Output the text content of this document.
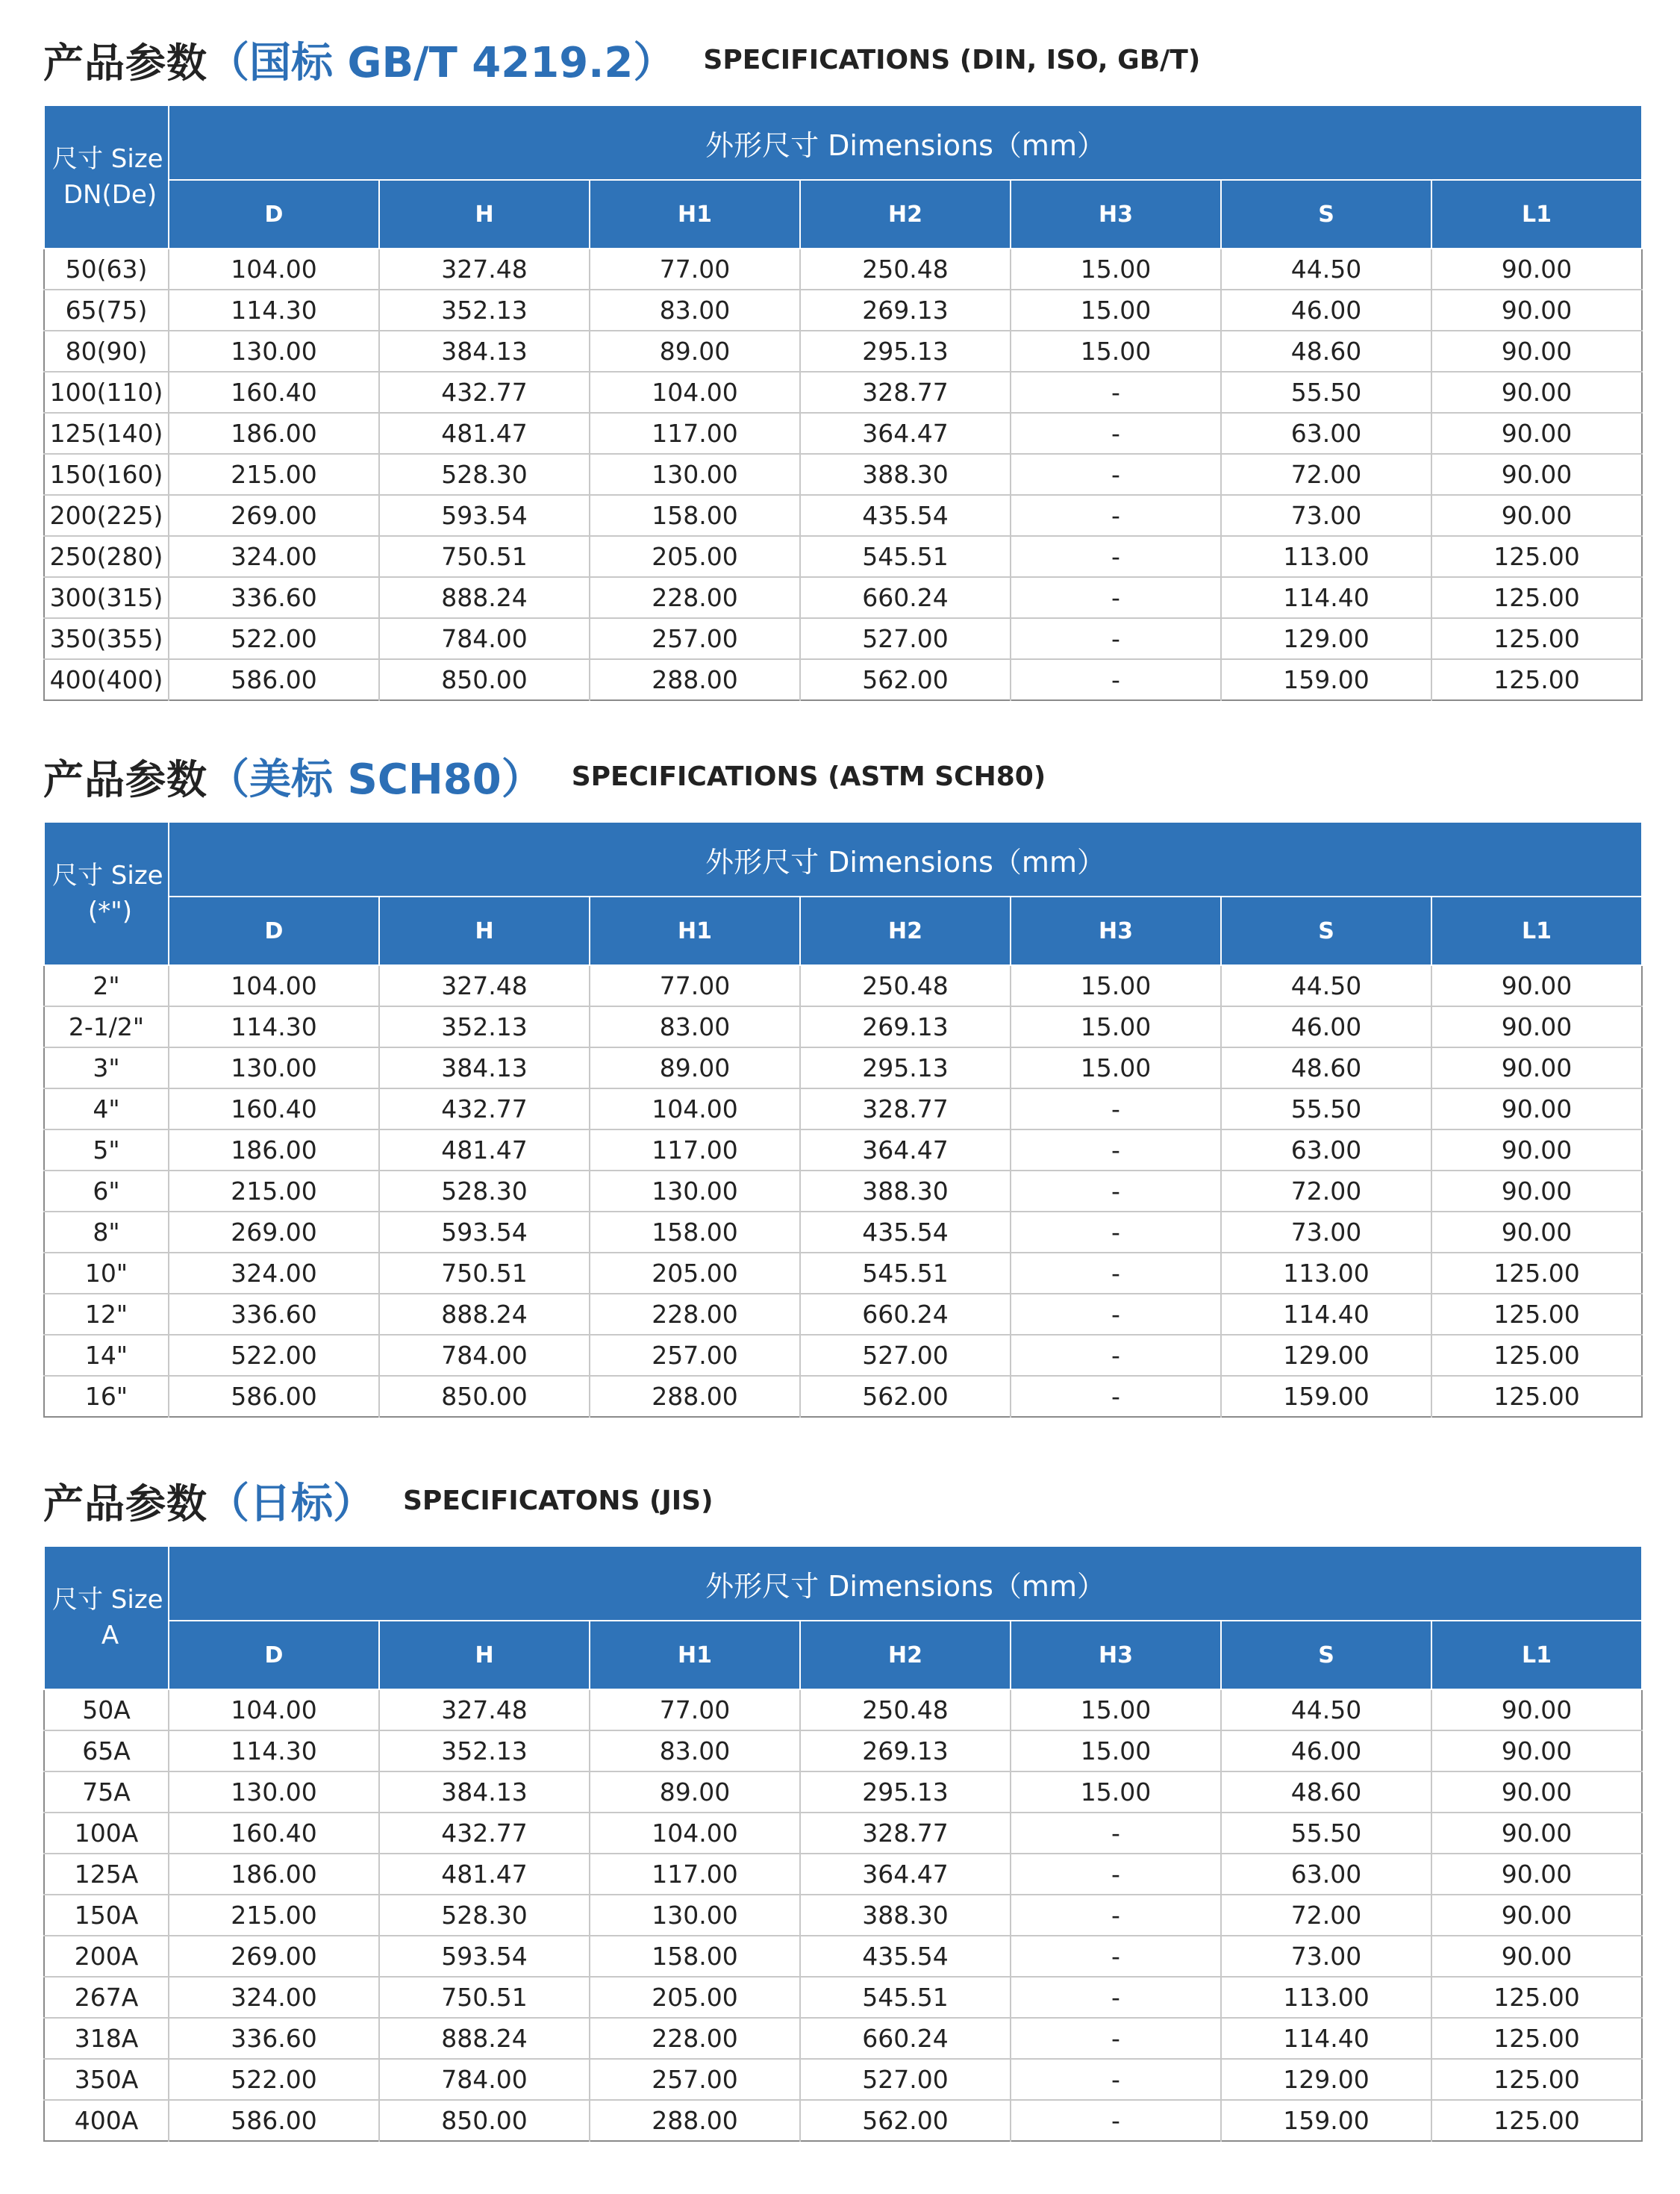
产品参数 （国标 GB/T 4219.2） SPECIFICATIONS (DIN, ISO, GB/T)
尺寸 Size
DN(De)	外形尺寸 Dimensions（mm）						
	D	H	H1	H2	H3	S	L1
50(63)	104.00	327.48	77.00	250.48	15.00	44.50	90.00
65(75)	114.30	352.13	83.00	269.13	15.00	46.00	90.00
80(90)	130.00	384.13	89.00	295.13	15.00	48.60	90.00
100(110)	160.40	432.77	104.00	328.77	-	55.50	90.00
125(140)	186.00	481.47	117.00	364.47	-	63.00	90.00
150(160)	215.00	528.30	130.00	388.30	-	72.00	90.00
200(225)	269.00	593.54	158.00	435.54	-	73.00	90.00
250(280)	324.00	750.51	205.00	545.51	-	113.00	125.00
300(315)	336.60	888.24	228.00	660.24	-	114.40	125.00
350(355)	522.00	784.00	257.00	527.00	-	129.00	125.00
400(400)	586.00	850.00	288.00	562.00	-	159.00	125.00
产品参数 （美标 SCH80） SPECIFICATIONS (ASTM SCH80)
尺寸 Size
(*")	外形尺寸 Dimensions（mm）						
	D	H	H1	H2	H3	S	L1
2"	104.00	327.48	77.00	250.48	15.00	44.50	90.00
2-1/2"	114.30	352.13	83.00	269.13	15.00	46.00	90.00
3"	130.00	384.13	89.00	295.13	15.00	48.60	90.00
4"	160.40	432.77	104.00	328.77	-	55.50	90.00
5"	186.00	481.47	117.00	364.47	-	63.00	90.00
6"	215.00	528.30	130.00	388.30	-	72.00	90.00
8"	269.00	593.54	158.00	435.54	-	73.00	90.00
10"	324.00	750.51	205.00	545.51	-	113.00	125.00
12"	336.60	888.24	228.00	660.24	-	114.40	125.00
14"	522.00	784.00	257.00	527.00	-	129.00	125.00
16"	586.00	850.00	288.00	562.00	-	159.00	125.00
产品参数 （日标） SPECIFICATONS (JIS)
尺寸 Size
A	外形尺寸 Dimensions（mm）						
	D	H	H1	H2	H3	S	L1
50A	104.00	327.48	77.00	250.48	15.00	44.50	90.00
65A	114.30	352.13	83.00	269.13	15.00	46.00	90.00
75A	130.00	384.13	89.00	295.13	15.00	48.60	90.00
100A	160.40	432.77	104.00	328.77	-	55.50	90.00
125A	186.00	481.47	117.00	364.47	-	63.00	90.00
150A	215.00	528.30	130.00	388.30	-	72.00	90.00
200A	269.00	593.54	158.00	435.54	-	73.00	90.00
267A	324.00	750.51	205.00	545.51	-	113.00	125.00
318A	336.60	888.24	228.00	660.24	-	114.40	125.00
350A	522.00	784.00	257.00	527.00	-	129.00	125.00
400A	586.00	850.00	288.00	562.00	-	159.00	125.00
